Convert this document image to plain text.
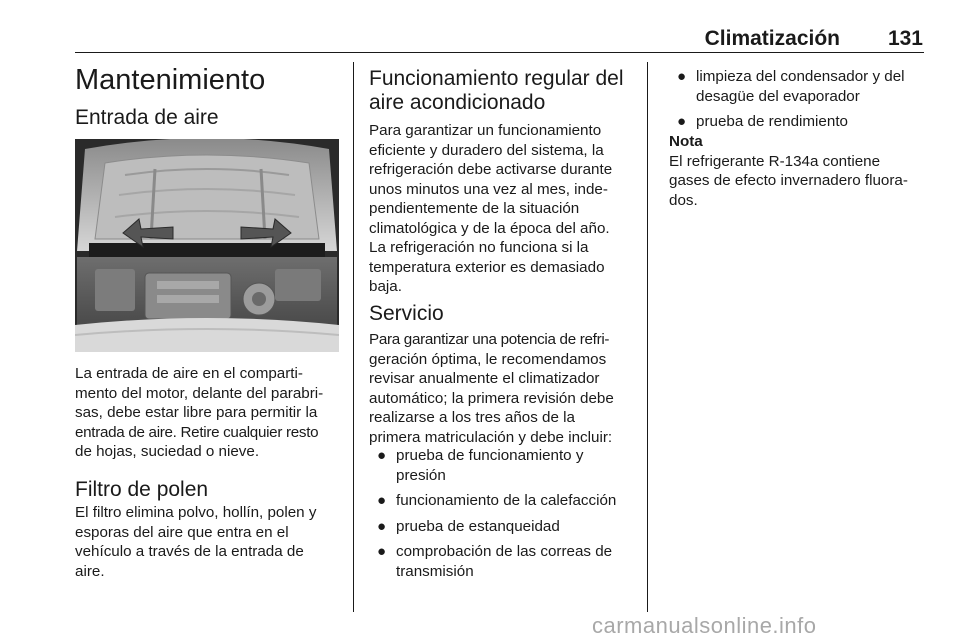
Climatización	131
Mantenimiento
Entrada de aire

La entrada de aire en el comparti-

mento del motor, delante del parabri-

sas, debe estar libre para permitir la

entrada de aire. Retire cualquier resto

de hojas, suciedad o nieve.

Filtro de polen

El filtro elimina polvo, hollín, polen y

esporas del aire que entra en el

vehículo a través de la entrada de

aire.

Funcionamiento regular del

aire acondicionado

Para garantizar un funcionamiento

eficiente y duradero del sistema, la

refrigeración debe activarse durante

unos minutos una vez al mes, inde-

pendientemente de la situación

climatológica y de la época del año.

La refrigeración no funciona si la

temperatura exterior es demasiado

baja.

Servicio

Para garantizar una potencia de refri-

geración óptima, le recomendamos

revisar anualmente el climatizador

automático; la primera revisión debe

realizarse a los tres años de la

primera matriculación y debe incluir:

● prueba de funcionamiento y
presión
● funcionamiento de la calefacción
● prueba de estanqueidad
● comprobación de las correas de
transmisión
● limpieza del condensador y del
desagüe del evaporador
● prueba de rendimiento

Nota

El refrigerante R-134a contiene

gases de efecto invernadero fluora-

dos.

carmanualsonline.info
